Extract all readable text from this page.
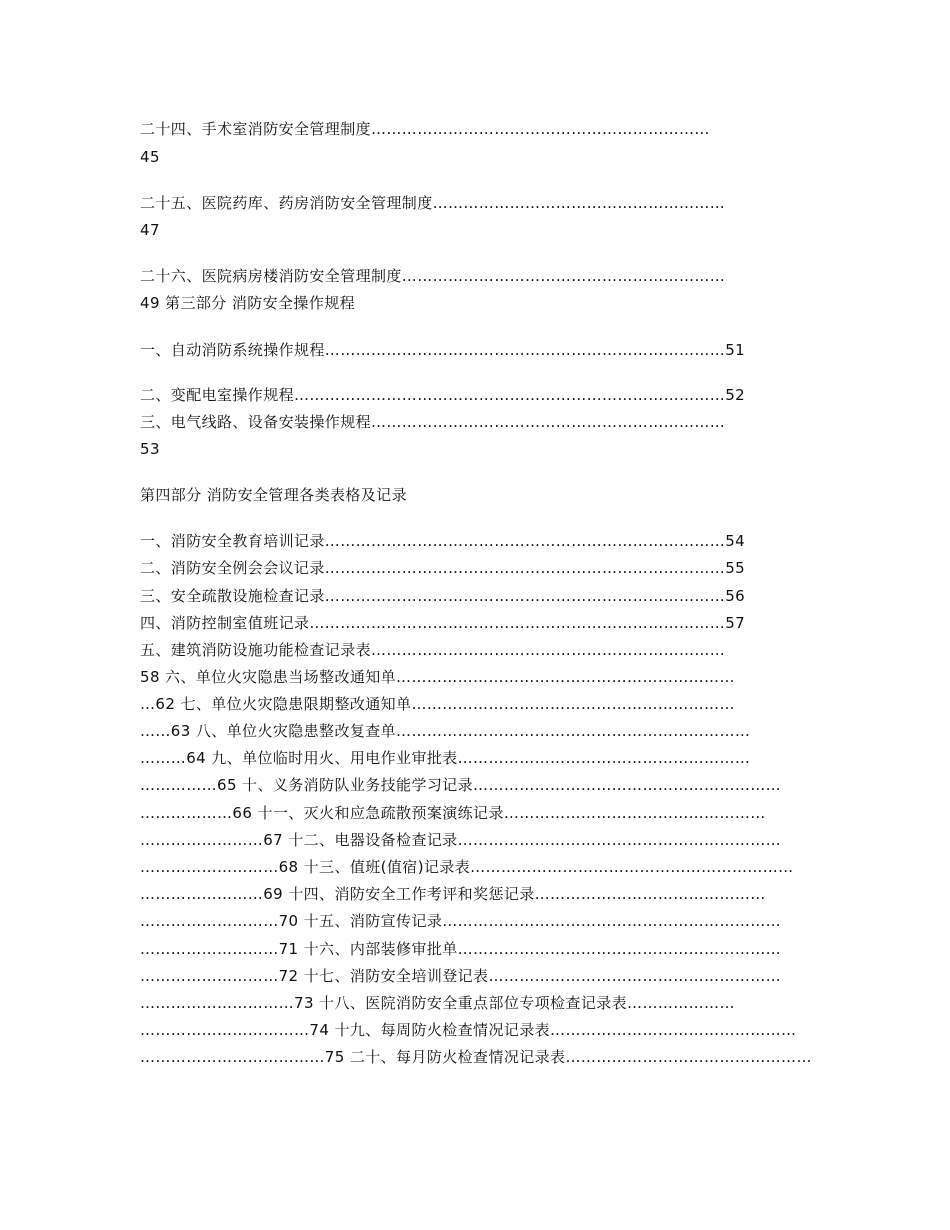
二十四、手术室消防安全管理制度…………………………………………………………
45
二十五、医院药库、药房消防安全管理制度…………………………………………………
47
二十六、医院病房楼消防安全管理制度………………………………………………………
49 第三部分 消防安全操作规程
一、自动消防系统操作规程……………………………………………………………………51
二、变配电室操作规程…………………………………………………………………………52
三、电气线路、设备安装操作规程……………………………………………………………
53
第四部分 消防安全管理各类表格及记录
一、消防安全教育培训记录……………………………………………………………………54
二、消防安全例会会议记录……………………………………………………………………55
三、安全疏散设施检查记录……………………………………………………………………56
四、消防控制室值班记录………………………………………………………………………57
五、建筑消防设施功能检查记录表……………………………………………………………
58 六、单位火灾隐患当场整改通知单…………………………………………………………
…62 七、单位火灾隐患限期整改通知单………………………………………………………
……63 八、单位火灾隐患整改复查单……………………………………………………………
………64 九、单位临时用火、用电作业审批表…………………………………………………
……………65 十、义务消防队业务技能学习记录……………………………………………………
………………66 十一、灭火和应急疏散预案演练记录……………………………………………
……………………67 十二、电器设备检查记录………………………………………………………
………………………68 十三、值班(值宿)记录表………………………………………………………
……………………69 十四、消防安全工作考评和奖惩记录………………………………………
………………………70 十五、消防宣传记录…………………………………………………………
………………………71 十六、内部装修审批单………………………………………………………
………………………72 十七、消防安全培训登记表…………………………………………………
…………………………73 十八、医院消防安全重点部位专项检查记录表…………………
……………………………74 十九、每周防火检查情况记录表…………………………………………
………………………………75 二十、每月防火检查情况记录表…………………………………………
